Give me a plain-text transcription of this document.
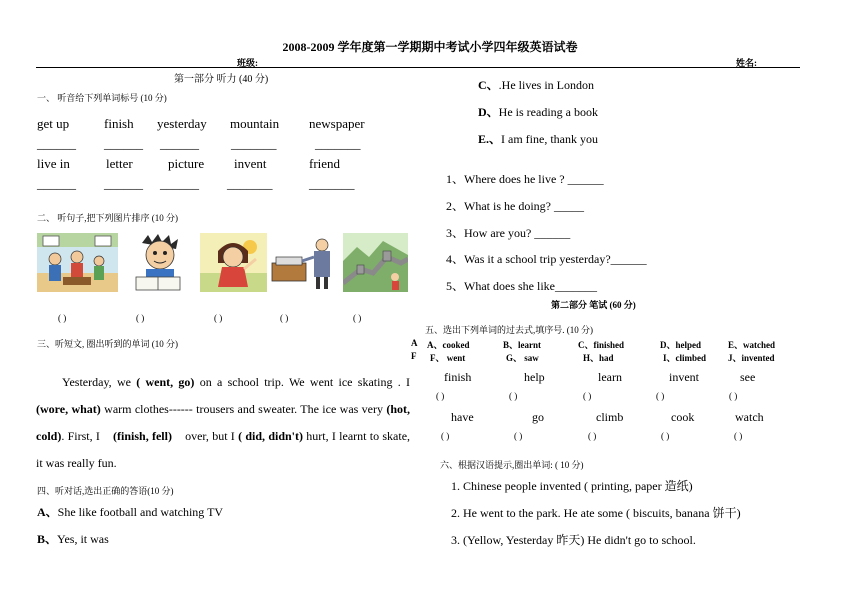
2008-2009 学年度第一学期期中考试小学四年级英语试卷
班级:	姓名:
第一部分 听力 (40 分)
一、 听音给下列单词标号 (10 分)
get up	finish yesterday mountain newspaper
______ ______ ______ _______	_______
live in	letter	picture invent	friend
______ ______ ______ _______	_______
二、 听句子,把下列图片排序 (10 分)
( )	( )	( )	( )	( )
三、听短文, 圈出听到的单词 (10 分)
Yesterday, we ( went, go) on a school trip. We went ice skating . I (wore, what) warm clothes------ trousers and sweater. The ice was very (hot, cold). First, I (finish, fell) over, but I ( did, didn't) hurt, I learnt to skate, it was really fun.
四、听对话,选出正确的答语(10 分)
A、She like football and watching TV
B、Yes, it was
C、.He lives in London
D、He is reading a book
E.、I am fine, thank you
1、Where does he live ? ______
2、What is he doing? _____
3、How are you? ______
4、Was it a school trip yesterday?______
5、What does she like_______
第二部分 笔试 (60 分)
五、选出下列单词的过去式,填序号. (10 分)
A
F
A、cooked	B、learnt	C、finished	D、helped	E、watched
F、 went	G、 saw	H、had	I、climbed J、invented
finish	help	learn	invent	see
( )	( )	( )	( )	( )
have	go	climb	cook	watch
( )	( )	( )	( )	( )
六、根据汉语提示,圈出单词: ( 10 分)
1. Chinese people invented ( printing, paper 造纸)
2. He went to the park. He ate some ( biscuits, banana 饼干)
3. (Yellow, Yesterday 昨天) He didn't go to school.
